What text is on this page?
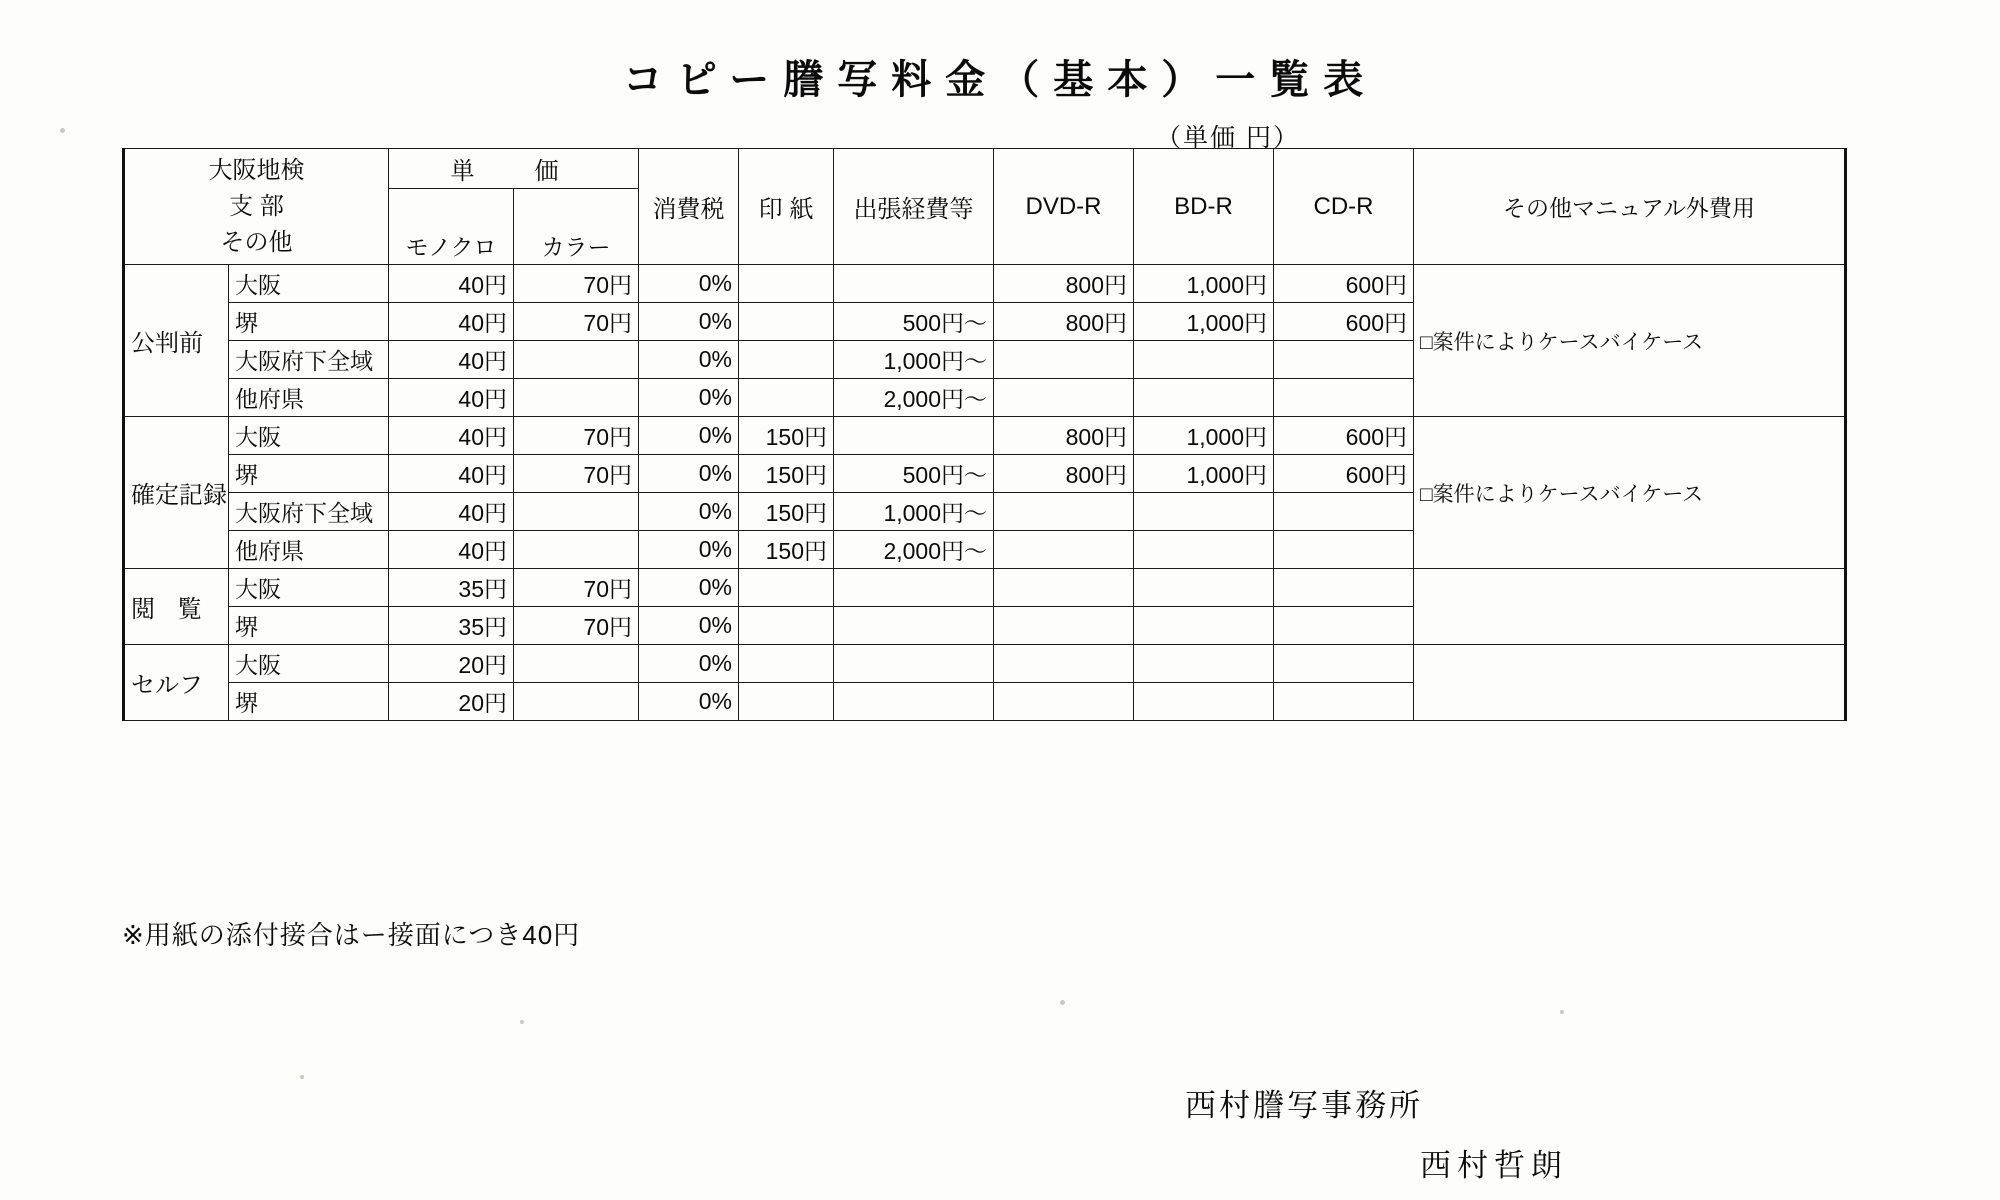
コピー謄写料金（基本）一覧表
（単価 円）
大阪地検
支 部
その他		単　価		消費税	印 紙	出張経費等	DVD-R	BD-R	CD-R	その他マニュアル外費用

		モノクロ	カラー							
公判前	大阪	40円	70円	0%			800円	1,000円	600円	□案件によりケースバイケース
	堺	40円	70円	0%		500円〜	800円	1,000円	600円	
	大阪府下全域	40円		0%		1,000円〜				
	他府県	40円		0%		2,000円〜				
確定記録	大阪	40円	70円	0%	150円		800円	1,000円	600円	□案件によりケースバイケース
	堺	40円	70円	0%	150円	500円〜	800円	1,000円	600円	
	大阪府下全域	40円		0%	150円	1,000円〜				
	他府県	40円		0%	150円	2,000円〜				
閲 覧	大阪	35円	70円	0%						
	堺	35円	70円	0%						
セルフ	大阪	20円		0%						
	堺	20円		0%						
※用紙の添付接合はー接面につき40円
西村謄写事務所
西村哲朗
